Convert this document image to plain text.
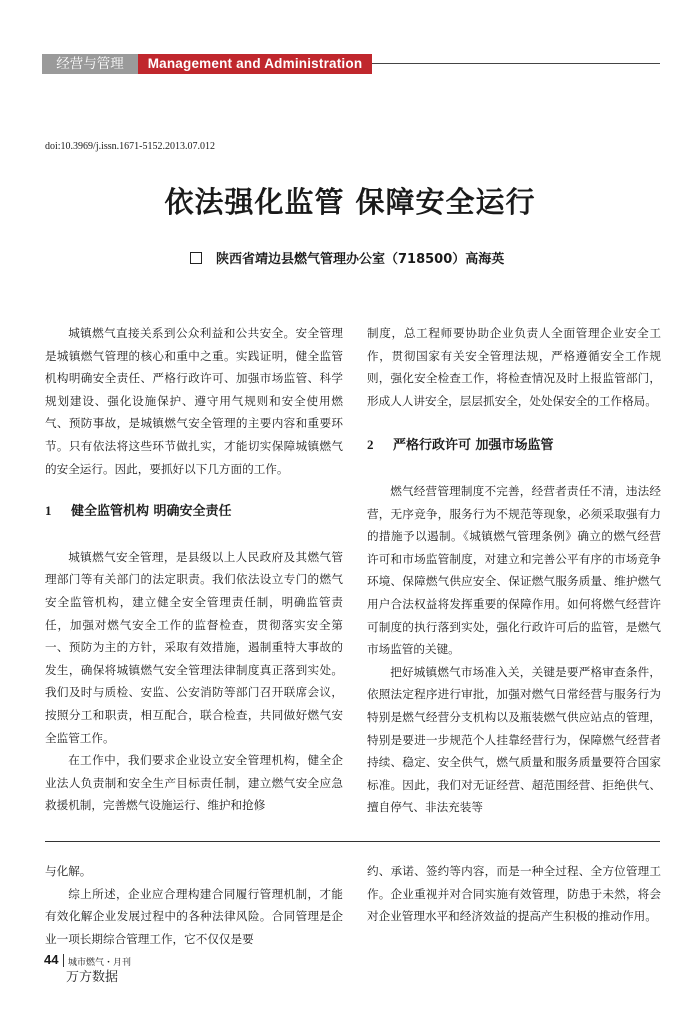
经营与管理	Management and Administration
doi:10.3969/j.issn.1671-5152.2013.07.012
依法强化监管 保障安全运行
陕西省靖边县燃气管理办公室（718500）高海英

城镇燃气直接关系到公众利益和公共安全。安全管理是城镇燃气管理的核心和重中之重。实践证明，健全监管机构明确安全责任、严格行政许可、加强市场监管、科学规划建设、强化设施保护、遵守用气规则和安全使用燃气、预防事故，是城镇燃气安全管理的主要内容和重要环节。只有依法将这些环节做扎实，才能切实保障城镇燃气的安全运行。因此，要抓好以下几方面的工作。

1 健全监管机构 明确安全责任

城镇燃气安全管理，是县级以上人民政府及其燃气管理部门等有关部门的法定职责。我们依法设立专门的燃气安全监管机构，建立健全安全管理责任制，明确监管责任，加强对燃气安全工作的监督检查，贯彻落实安全第一、预防为主的方针，采取有效措施，遏制重特大事故的发生，确保将城镇燃气安全管理法律制度真正落到实处。我们及时与质检、安监、公安消防等部门召开联席会议，按照分工和职责，相互配合，联合检查，共同做好燃气安全监管工作。

在工作中，我们要求企业设立安全管理机构，健全企业法人负责制和安全生产目标责任制，建立燃气安全应急救援机制，完善燃气设施运行、维护和抢修

制度，总工程师要协助企业负责人全面管理企业安全工作，贯彻国家有关安全管理法规，严格遵循安全工作规则，强化安全检查工作，将检查情况及时上报监管部门，形成人人讲安全，层层抓安全，处处保安全的工作格局。

2 严格行政许可 加强市场监管

燃气经营管理制度不完善，经营者责任不清，违法经营，无序竞争，服务行为不规范等现象，必须采取强有力的措施予以遏制。《城镇燃气管理条例》确立的燃气经营许可和市场监管制度，对建立和完善公平有序的市场竞争环境、保障燃气供应安全、保证燃气服务质量、维护燃气用户合法权益将发挥重要的保障作用。如何将燃气经营许可制度的执行落到实处，强化行政许可后的监管，是燃气市场监管的关键。

把好城镇燃气市场准入关，关键是要严格审查条件，依照法定程序进行审批，加强对燃气日常经营与服务行为特别是燃气经营分支机构以及瓶装燃气供应站点的管理，特别是要进一步规范个人挂靠经营行为，保障燃气经营者持续、稳定、安全供气，燃气质量和服务质量要符合国家标准。因此，我们对无证经营、超范围经营、拒绝供气、擅自停气、非法充装等

与化解。

综上所述，企业应合理构建合同履行管理机制，才能有效化解企业发展过程中的各种法律风险。合同管理是企业一项长期综合管理工作，它不仅仅是要

约、承诺、签约等内容，而是一种全过程、全方位管理工作。企业重视并对合同实施有效管理，防患于未然，将会对企业管理水平和经济效益的提高产生积极的推动作用。

44 城市燃气・月刊
万方数据
